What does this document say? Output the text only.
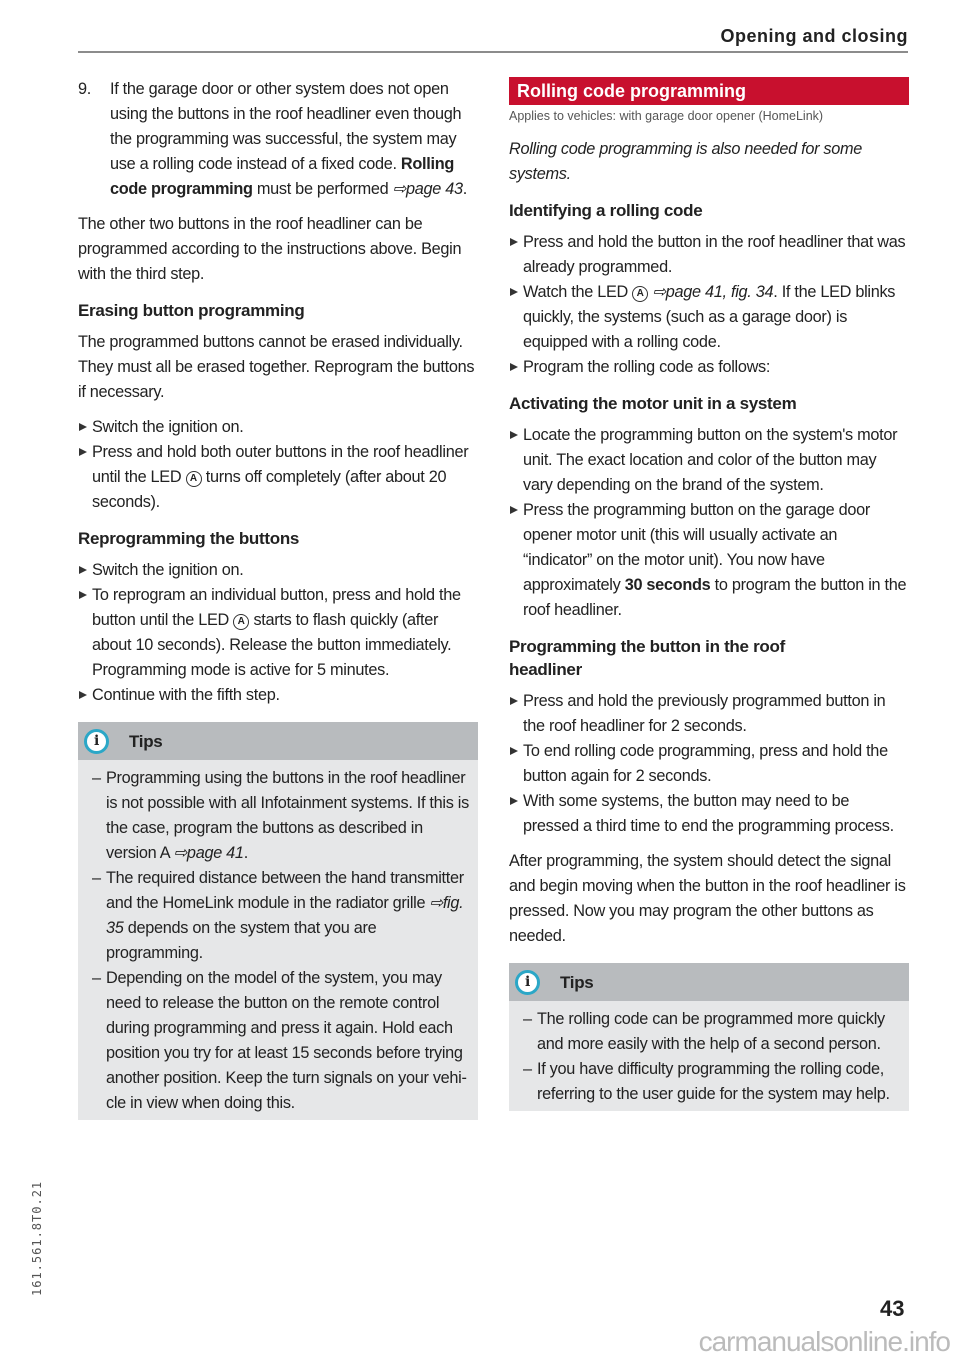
Opening and closing
9.	If the garage door or other system does not open using the buttons in the roof headliner even though the programming was successful, the system may use a rolling code instead of a fixed code. Rolling code programming must be performed ⇨page 43.

The other two buttons in the roof headliner can be programmed according to the instructions above. Begin with the third step.

Erasing button programming

The programmed buttons cannot be erased individually. They must all be erased together. Reprogram the buttons if necessary.

Switch the ignition on.
Press and hold both outer buttons in the roof headliner until the LED A turns off completely (after about 20 seconds).
Reprogramming the buttons
Switch the ignition on.
To reprogram an individual button, press and hold the button until the LED A starts to flash quickly (after about 10 seconds). Release the button immediately. Programming mode is active for 5 minutes.
Continue with the fifth step.
i	Tips
– Programming using the buttons in the roof headliner is not possible with all Infotainment systems. If this is the case, program the buttons as described in version A ⇨page 41.
– The required distance between the hand transmitter and the HomeLink module in the radiator grille ⇨fig. 35 depends on the system that you are programming.
– Depending on the model of the system, you may need to release the button on the remote control during programming and press it again. Hold each position you try for at least 15 seconds before trying another position. Keep the turn signals on your vehicle in view when doing this.
Rolling code programming
Applies to vehicles: with garage door opener (HomeLink)

Rolling code programming is also needed for some systems.

Identifying a rolling code
Press and hold the button in the roof headliner that was already programmed.
Watch the LED A ⇨page 41, fig. 34. If the LED blinks quickly, the systems (such as a garage door) is equipped with a rolling code.
Program the rolling code as follows:
Activating the motor unit in a system
Locate the programming button on the system's motor unit. The exact location and color of the button may vary depending on the brand of the system.
Press the programming button on the garage door opener motor unit (this will usually activate an “indicator” on the motor unit). You now have approximately 30 seconds to program the button in the roof headliner.
Programming the button in the roof headliner
Press and hold the previously programmed button in the roof headliner for 2 seconds.
To end rolling code programming, press and hold the button again for 2 seconds.
With some systems, the button may need to be pressed a third time to end the programming process.

After programming, the system should detect the signal and begin moving when the button in the roof headliner is pressed. Now you may program the other buttons as needed.

i	Tips
– The rolling code can be programmed more quickly and more easily with the help of a second person.
– If you have difficulty programming the rolling code, referring to the user guide for the system may help.
161.561.8T0.21
43
carmanualsonline.info
